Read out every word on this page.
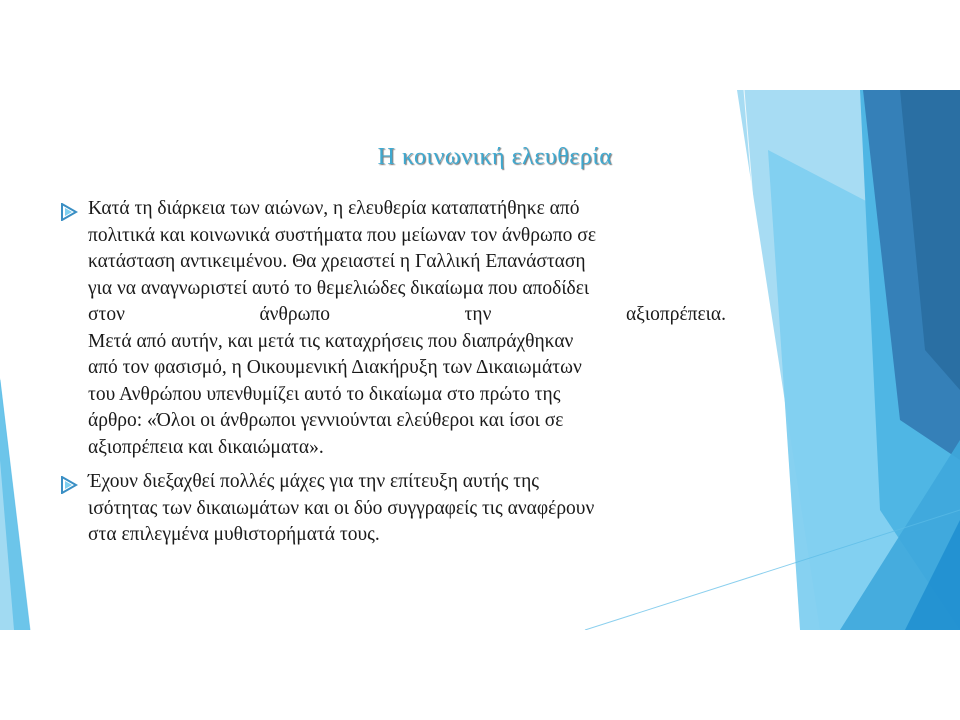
Η κοινωνική ελευθερία
Κατά τη διάρκεια των αιώνων, η ελευθερία καταπατήθηκε από
πολιτικά και κοινωνικά συστήματα που μείωναν τον άνθρωπο σε
κατάσταση αντικειμένου. Θα χρειαστεί η Γαλλική Επανάσταση
για να αναγνωριστεί αυτό το θεμελιώδες δικαίωμα που αποδίδει
στον άνθρωπο την αξιοπρέπεια.
Μετά από αυτήν, και μετά τις καταχρήσεις που διαπράχθηκαν
από τον φασισμό, η Οικουμενική Διακήρυξη των Δικαιωμάτων
του Ανθρώπου υπενθυμίζει αυτό το δικαίωμα στο πρώτο της
άρθρο: «Όλοι οι άνθρωποι γεννιούνται ελεύθεροι και ίσοι σε
αξιοπρέπεια και δικαιώματα».
Έχουν διεξαχθεί πολλές μάχες για την επίτευξη αυτής της
ισότητας των δικαιωμάτων και οι δύο συγγραφείς τις αναφέρουν
στα επιλεγμένα μυθιστορήματά τους.
